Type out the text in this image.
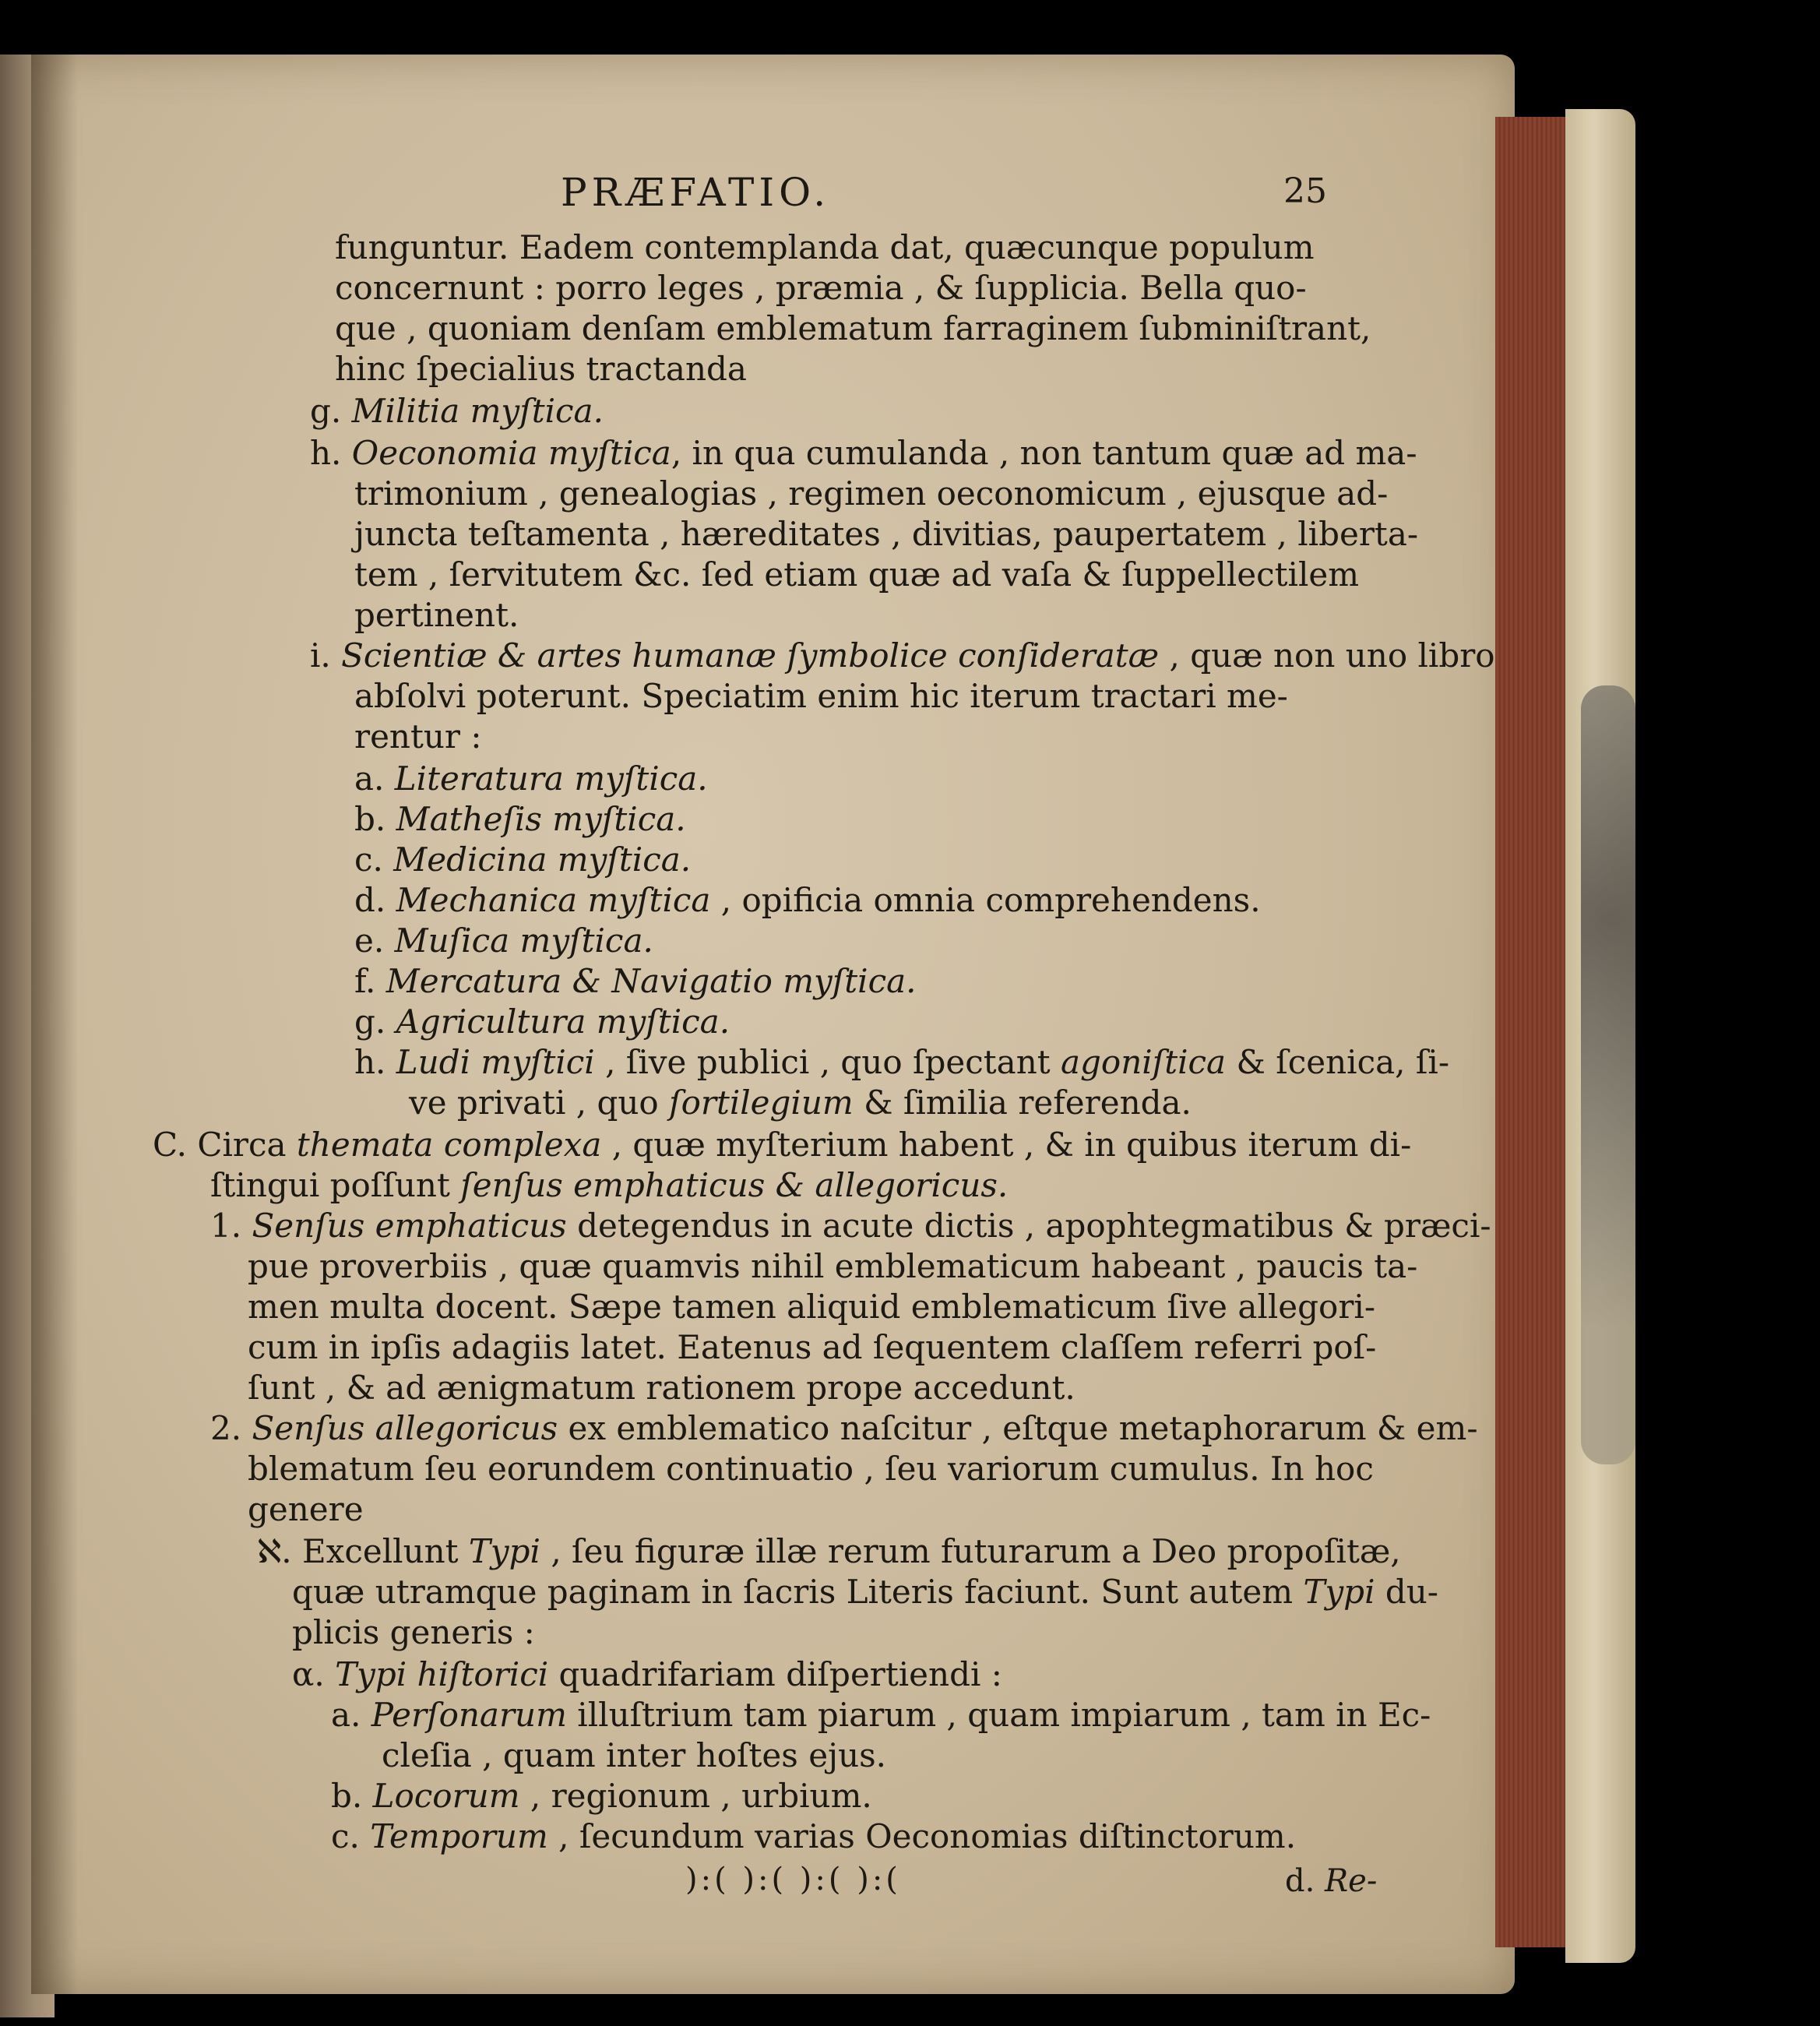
PRÆFATIO.	25
funguntur. Eadem contemplanda dat, quæcunque populum
concernunt : porro leges , præmia , & ſupplicia. Bella quo-
que , quoniam denſam emblematum farraginem ſubminiſtrant,
hinc ſpecialius tractanda
g. Militia myſtica.
h. Oeconomia myſtica, in qua cumulanda , non tantum quæ ad ma-
trimonium , genealogias , regimen oeconomicum , ejusque ad-
juncta teſtamenta , hæreditates , divitias, paupertatem , liberta-
tem , ſervitutem &c. ſed etiam quæ ad vaſa & ſuppellectilem
pertinent.
i. Scientiæ & artes humanæ ſymbolice conſideratæ , quæ non uno libro
abſolvi poterunt. Speciatim enim hic iterum tractari me-
rentur :
a. Literatura myſtica.
b. Matheſis myſtica.
c. Medicina myſtica.
d. Mechanica myſtica , opificia omnia comprehendens.
e. Muſica myſtica.
f. Mercatura & Navigatio myſtica.
g. Agricultura myſtica.
h. Ludi myſtici , ſive publici , quo ſpectant agoniſtica & ſcenica, ſi-
ve privati , quo ſortilegium & ſimilia referenda.
C. Circa themata complexa , quæ myſterium habent , & in quibus iterum di-
ſtingui poſſunt ſenſus emphaticus & allegoricus.
1. Senſus emphaticus detegendus in acute dictis , apophtegmatibus & præci-
pue proverbiis , quæ quamvis nihil emblematicum habeant , paucis ta-
men multa docent. Sæpe tamen aliquid emblematicum ſive allegori-
cum in ipſis adagiis latet. Eatenus ad ſequentem claſſem referri poſ-
ſunt , & ad ænigmatum rationem prope accedunt.
2. Senſus allegoricus ex emblematico naſcitur , eſtque metaphorarum & em-
blematum ſeu eorundem continuatio , ſeu variorum cumulus. In hoc
genere
ℵ. Excellunt Typi , ſeu figuræ illæ rerum futurarum a Deo propoſitæ,
quæ utramque paginam in ſacris Literis faciunt. Sunt autem Typi du-
plicis generis :
α. Typi hiſtorici quadrifariam diſpertiendi :
a. Perſonarum illuſtrium tam piarum , quam impiarum , tam in Ec-
cleſia , quam inter hoſtes ejus.
b. Locorum , regionum , urbium.
c. Temporum , ſecundum varias Oeconomias diſtinctorum.
):( ):( ):( ):(	d. Re-
